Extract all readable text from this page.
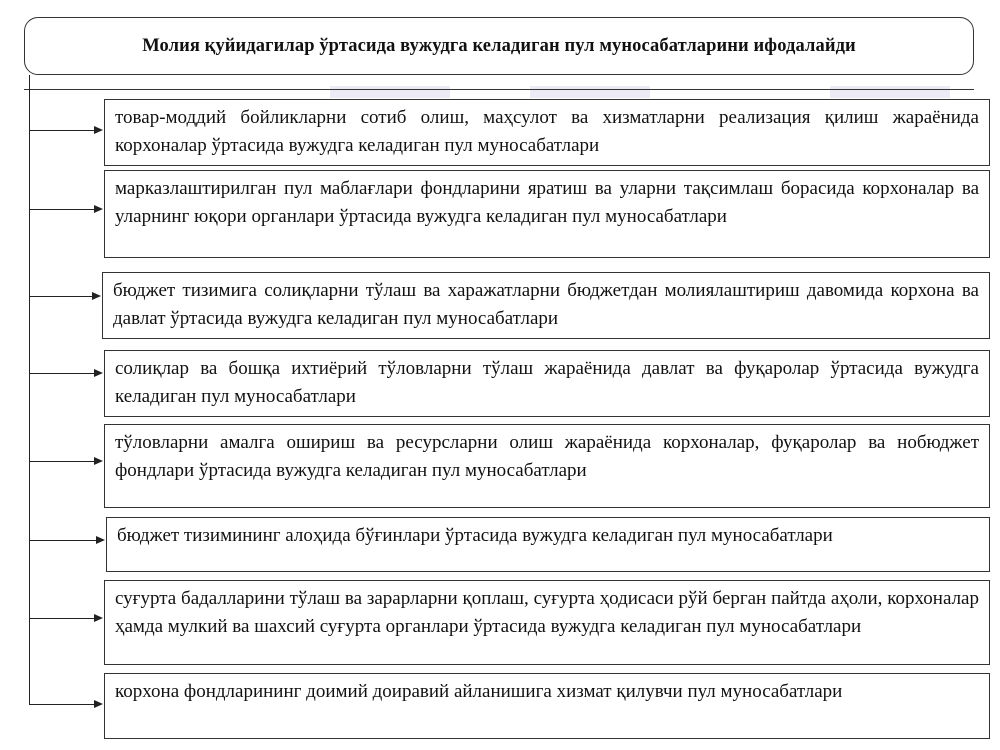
Молия қуйидагилар ўртасида вужудга келадиган пул муносабатларини ифодалайди
товар-моддий бойликларни сотиб олиш, маҳсулот ва хизматларни реализация қилиш жараёнида корхоналар ўртасида вужудга келадиган пул муносабатлари
марказлаштирилган пул маблағлари фондларини яратиш ва уларни тақсимлаш борасида корхоналар ва уларнинг юқори органлари ўртасида вужудга келадиган пул муносабатлари
бюджет тизимига солиқларни тўлаш ва харажатларни бюджетдан молиялаштириш давомида корхона ва давлат ўртасида вужудга келадиган пул муносабатлари
солиқлар ва бошқа ихтиёрий тўловларни тўлаш жараёнида давлат ва фуқаролар ўртасида вужудга келадиган пул муносабатлари
тўловларни амалга ошириш ва ресурсларни олиш жараёнида корхоналар, фуқаролар ва нобюджет фондлари ўртасида вужудга келадиган пул муносабатлари
бюджет тизимининг алоҳида бўғинлари ўртасида вужудга келадиган пул муносабатлари
суғурта бадалларини тўлаш ва зарарларни қоплаш, суғурта ҳодисаси рўй берган пайтда аҳоли, корхоналар ҳамда мулкий ва шахсий суғурта органлари ўртасида вужудга келадиган пул муносабатлари
корхона фондларининг доимий доиравий айланишига хизмат қилувчи пул муносабатлари
